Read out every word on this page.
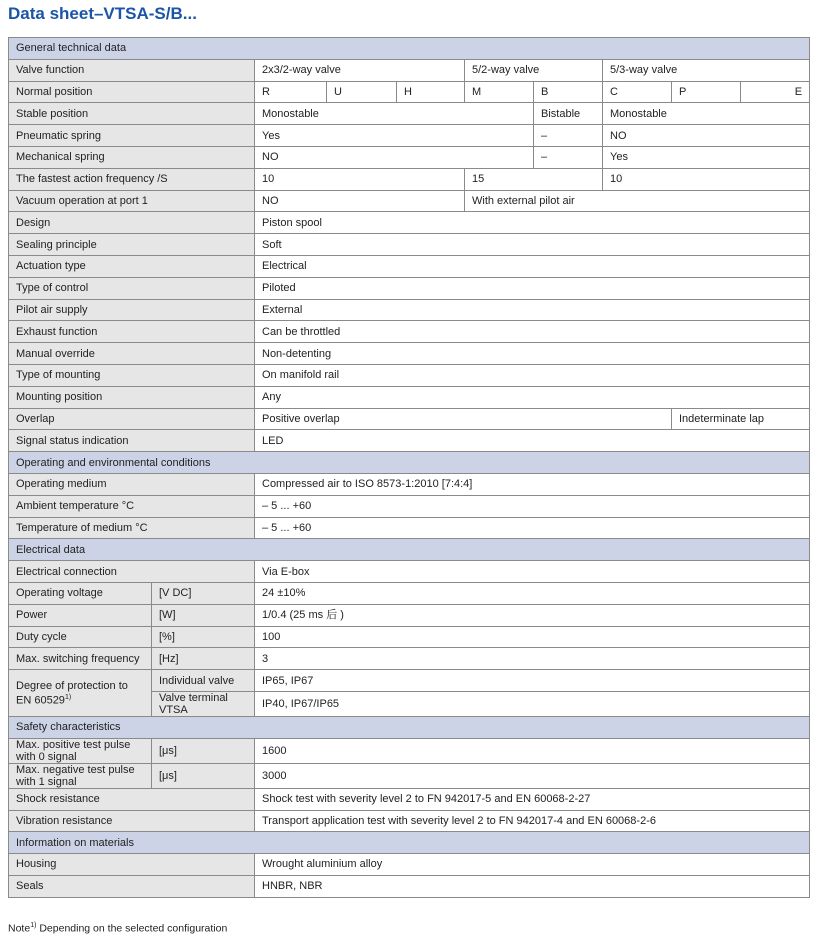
Data sheet–VTSA-S/B...
General technical data									
Valve function		2x3/2-way valve			5/2-way valve		5/3-way valve		
Normal position		R	U	H	M	B	C	P	E
Stable position		Monostable				Bistable	Monostable		
Pneumatic spring		Yes				–	NO		
Mechanical spring		NO				–	Yes		
The fastest action frequency /S		10			15		10		
Vacuum operation at port 1		NO			With external pilot air				
Design		Piston spool							
Sealing principle		Soft							
Actuation type		Electrical							
Type of control		Piloted							
Pilot air supply		External							
Exhaust function		Can be throttled							
Manual override		Non-detenting							
Type of mounting		On manifold rail							
Mounting position		Any							
Overlap		Positive overlap						Indeterminate lap	
Signal status indication		LED							
Operating and environmental conditions									
Operating medium		Compressed air to ISO 8573-1:2010 [7:4:4]							
Ambient temperature °C		– 5 ... +60							
Temperature of medium °C		– 5 ... +60							
Electrical data									
Electrical connection		Via E-box							
Operating voltage	[V DC]	24 ±10%							
Power	[W]	1/0.4 (25 ms 后 )							
Duty cycle	[%]	100							
Max. switching frequency	[Hz]	3							
Degree of protection to EN 60529$^{1)}$	Individual valve	IP65, IP67							
	Valve terminal VTSA	IP40, IP67/IP65							
Safety characteristics									
Max. positive test pulse with 0 signal	[μs]	1600							
Max. negative test pulse with 1 signal	[μs]	3000							
Shock resistance		Shock test with severity level 2 to FN 942017-5 and EN 60068-2-27							
Vibration resistance		Transport application test with severity level 2 to FN 942017-4 and EN 60068-2-6							
Information on materials									
Housing		Wrought aluminium alloy							
Seals		HNBR, NBR							
Note$^{1)}$ Depending on the selected configuration
